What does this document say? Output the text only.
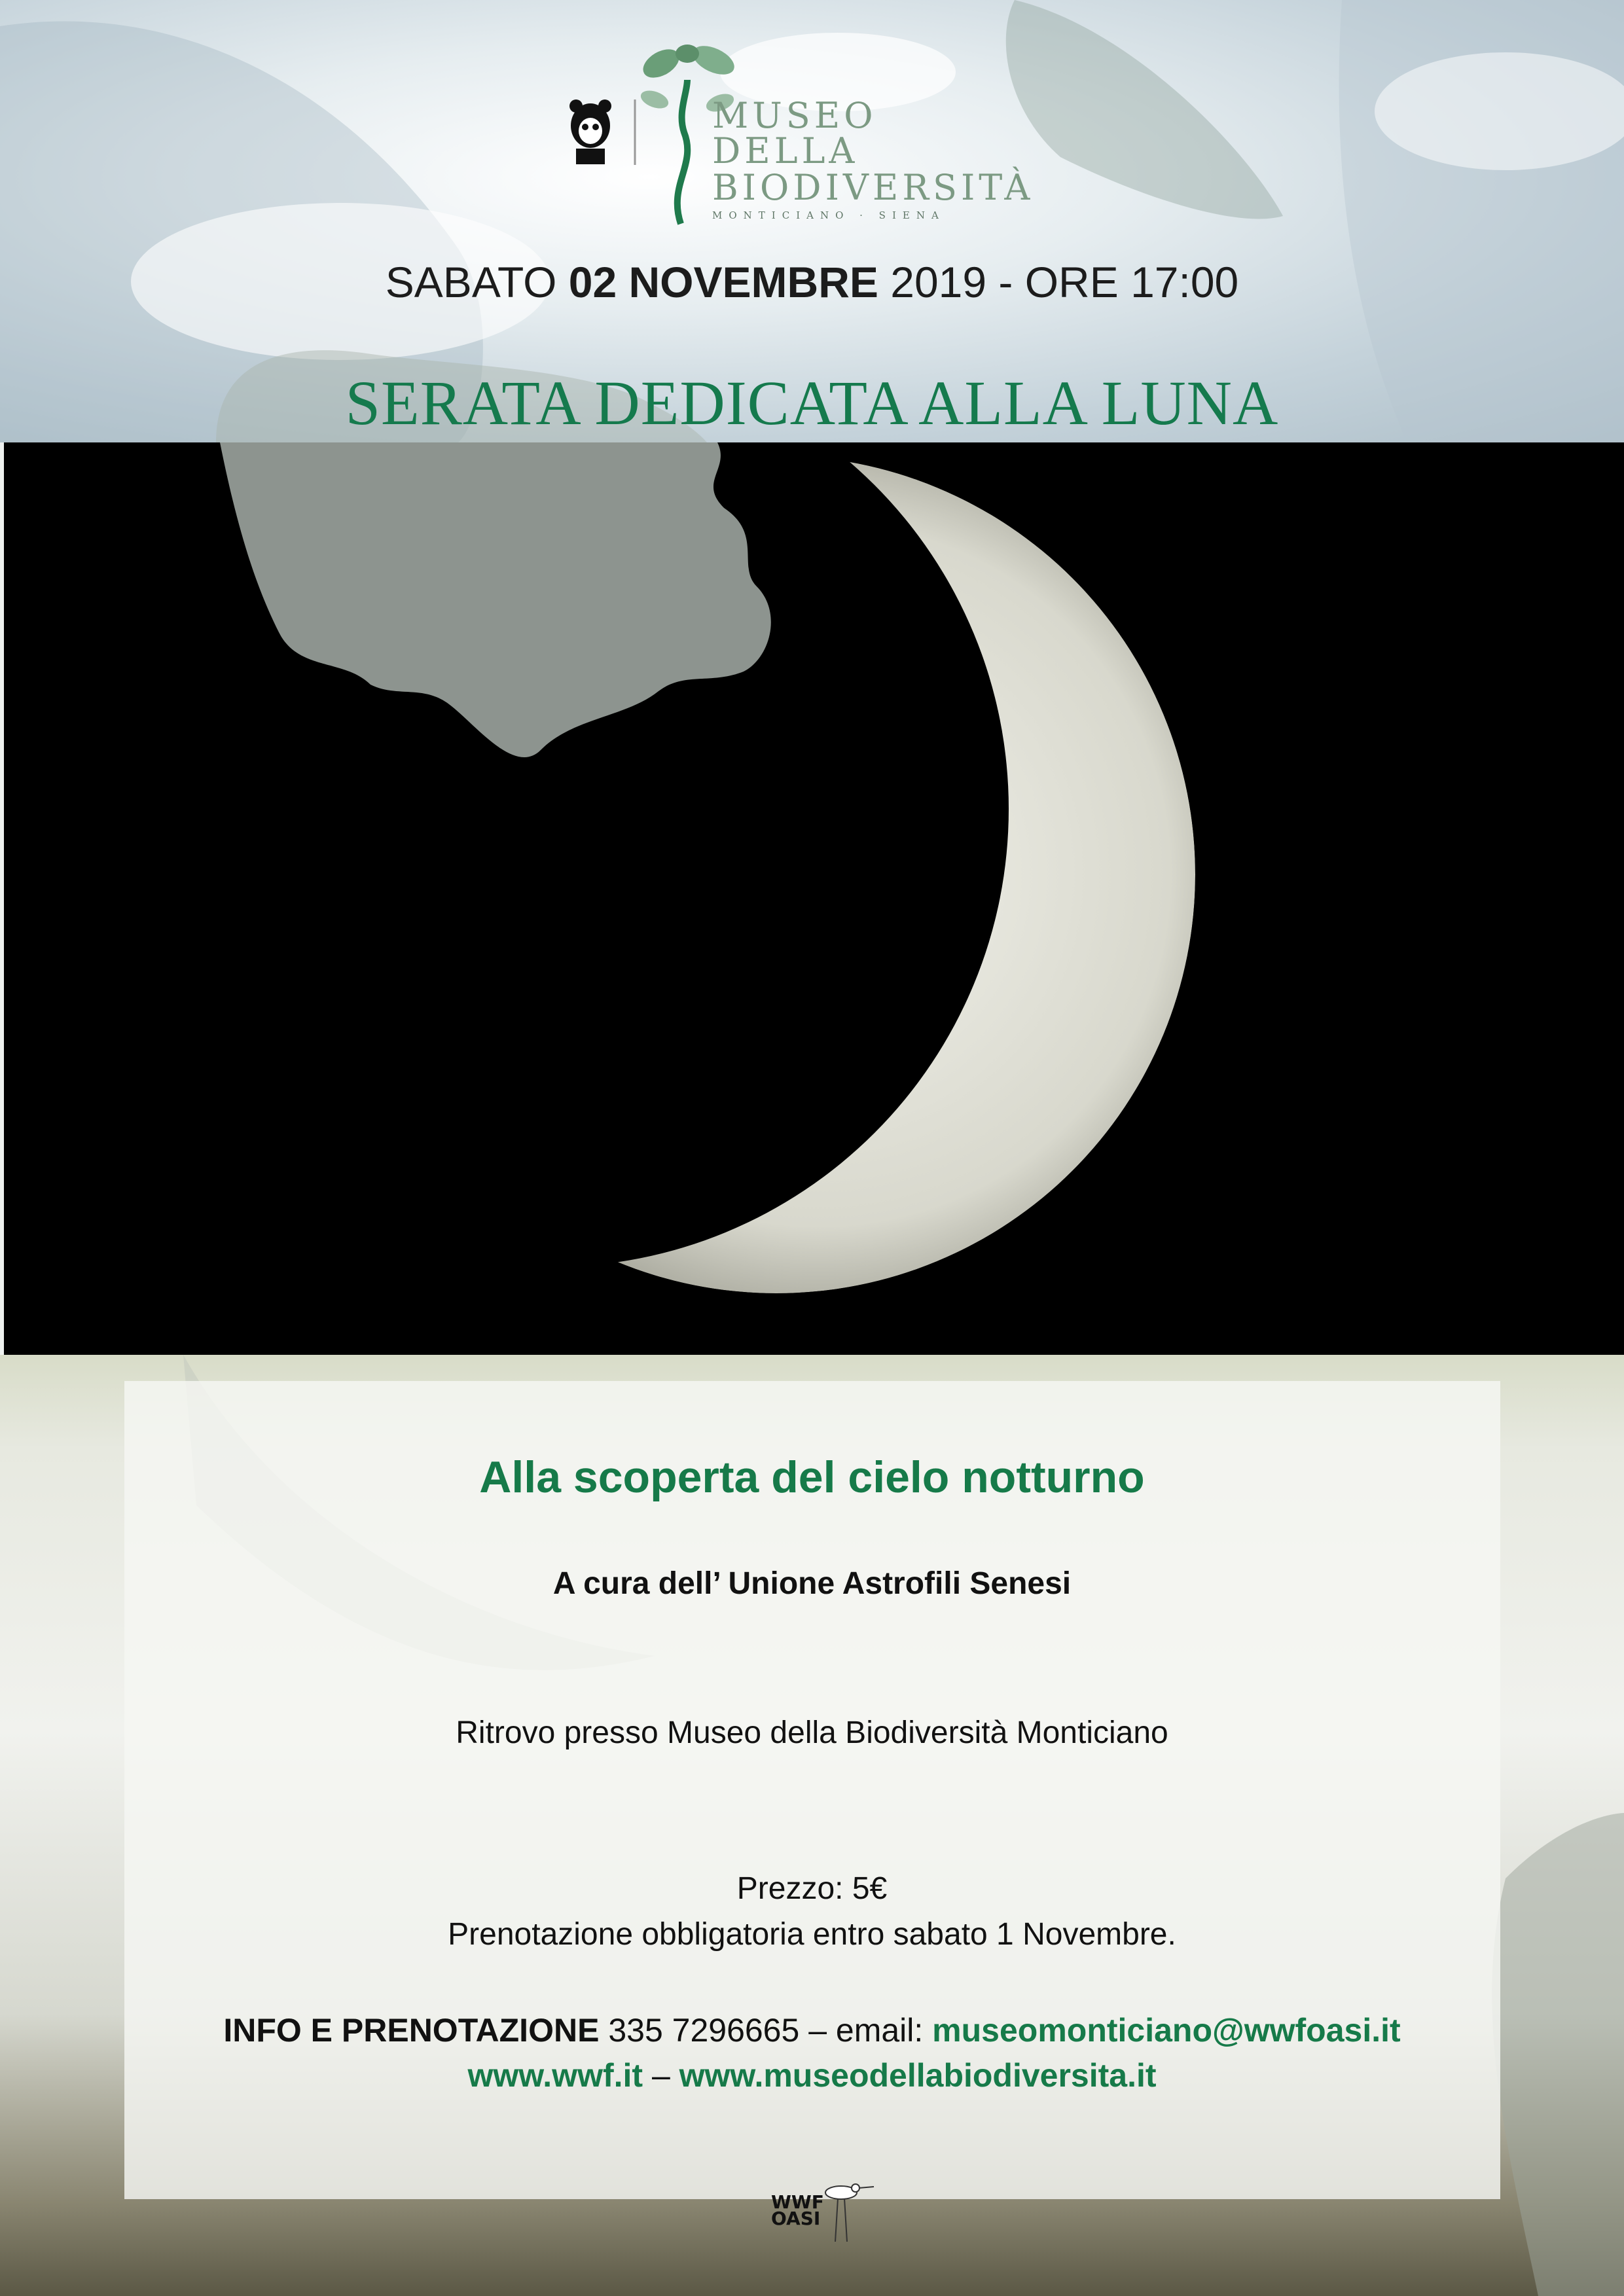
MUSEO DELLA
BIODIVERSITÀ
MONTICIANO · SIENA
SABATO 02 NOVEMBRE 2019 - ORE 17:00
SERATA DEDICATA ALLA LUNA
Alla scoperta del cielo notturno
A cura dell’ Unione Astrofili Senesi
Ritrovo presso Museo della Biodiversità Monticiano
Prezzo: 5€
Prenotazione obbligatoria entro sabato 1 Novembre.
INFO E PRENOTAZIONE 335 7296665 – email: museomonticiano@wwfoasi.it
www.wwf.it – www.museodellabiodiversita.it
WWF
OASI
